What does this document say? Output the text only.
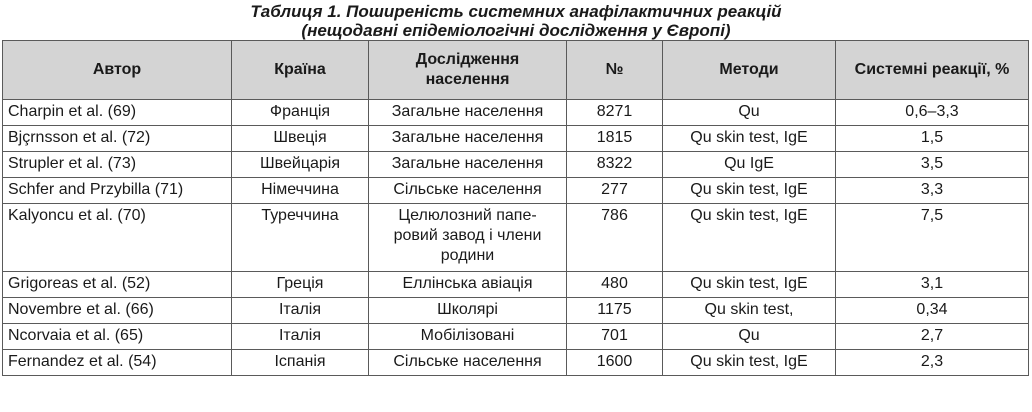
Таблиця 1. Поширеність системних анафілактичних реакцій
(нещодавні епідеміологічні дослідження у Європі)
Автор	Країна	Дослідження населення	№	Методи	Системні реакції, %
Charpin et al. (69)	Франція	Загальне населення	8271	Qu	0,6–3,3
Bjçrnsson et al. (72)	Швеція	Загальне населення	1815	Qu skin test, IgE	1,5
Strupler et al. (73)	Швейцарія	Загальне населення	8322	Qu IgE	3,5
Schfer and Przybilla (71)	Німеччина	Сільське населення	277	Qu skin test, IgE	3,3
Kalyoncu et al. (70)	Туреччина	Целюлозний папе-ровий завод і члени родини	786	Qu skin test, IgE	7,5
Grigoreas et al. (52)	Греція	Еллінська авіація	480	Qu skin test, IgE	3,1
Novembre et al. (66)	Італія	Школярі	1175	Qu skin test,	0,34
Ncorvaia et al. (65)	Італія	Мобілізовані	701	Qu	2,7
Fernandez et al. (54)	Іспанія	Сільське населення	1600	Qu skin test, IgE	2,3
